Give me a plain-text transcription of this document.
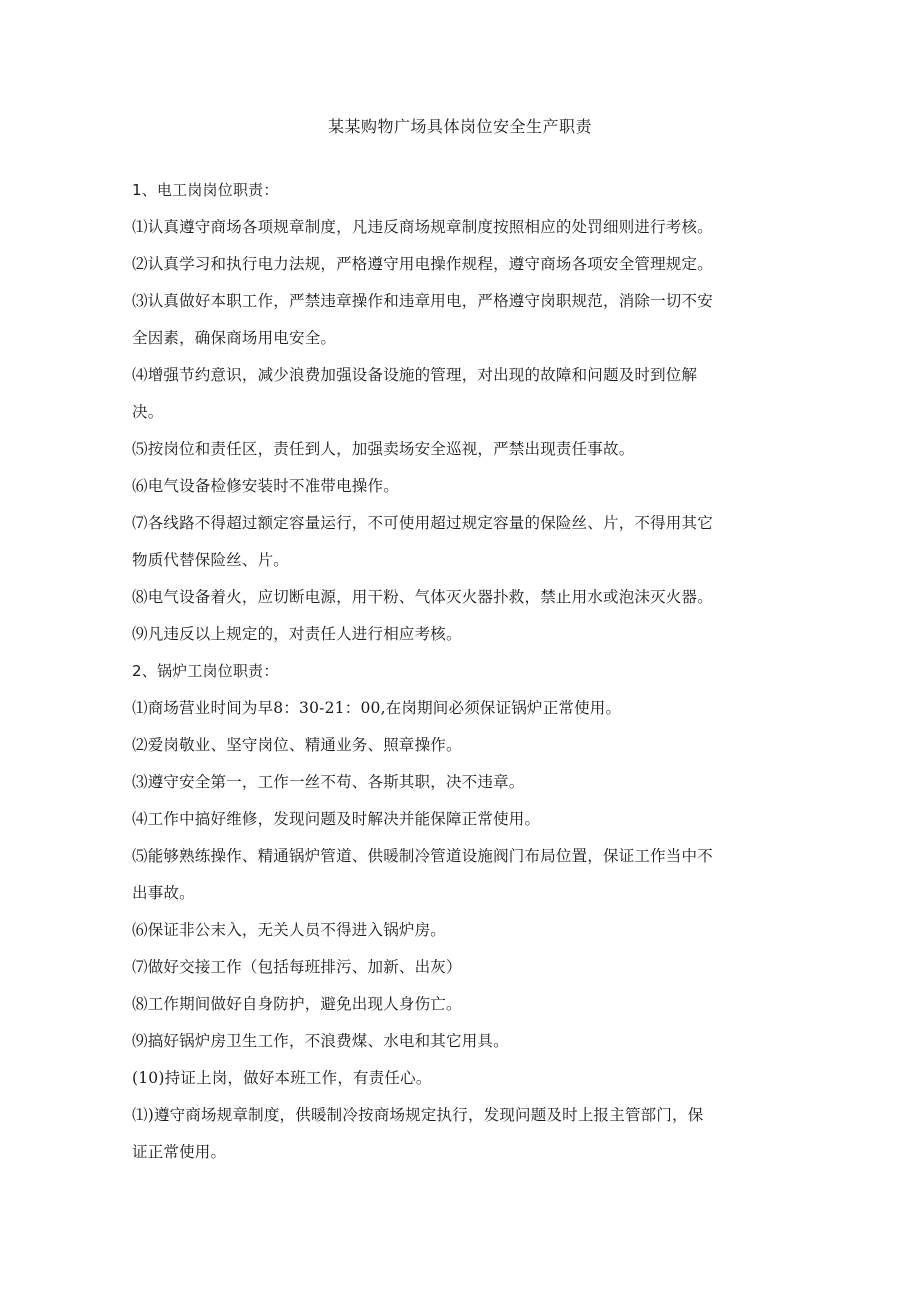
某某购物广场具体岗位安全生产职责
1、电工岗岗位职责：
⑴认真遵守商场各项规章制度，凡违反商场规章制度按照相应的处罚细则进行考核。
⑵认真学习和执行电力法规，严格遵守用电操作规程，遵守商场各项安全管理规定。
⑶认真做好本职工作，严禁违章操作和违章用电，严格遵守岗职规范，消除一切不安
全因素，确保商场用电安全。
⑷增强节约意识，减少浪费加强设备设施的管理，对出现的故障和问题及时到位解
决。
⑸按岗位和责任区，责任到人，加强卖场安全巡视，严禁出现责任事故。
⑹电气设备检修安装时不准带电操作。
⑺各线路不得超过额定容量运行，不可使用超过规定容量的保险丝、片，不得用其它
物质代替保险丝、片。
⑻电气设备着火，应切断电源，用干粉、气体灭火器扑救，禁止用水或泡沫灭火器。
⑼凡违反以上规定的，对责任人进行相应考核。
2、锅炉工岗位职责：
⑴商场营业时间为早8：30-21：00,在岗期间必须保证锅炉正常使用。
⑵爱岗敬业、坚守岗位、精通业务、照章操作。
⑶遵守安全第一，工作一丝不苟、各斯其职，决不违章。
⑷工作中搞好维修，发现问题及时解决并能保障正常使用。
⑸能够熟练操作、精通锅炉管道、供暖制冷管道设施阀门布局位置，保证工作当中不
出事故。
⑹保证非公末入，无关人员不得进入锅炉房。
⑺做好交接工作（包括每班排污、加新、出灰）
⑻工作期间做好自身防护，避免出现人身伤亡。
⑼搞好锅炉房卫生工作，不浪费煤、水电和其它用具。
(10)持证上岗，做好本班工作，有责任心。
⑴)遵守商场规章制度，供暖制冷按商场规定执行，发现问题及时上报主管部门，保
证正常使用。
